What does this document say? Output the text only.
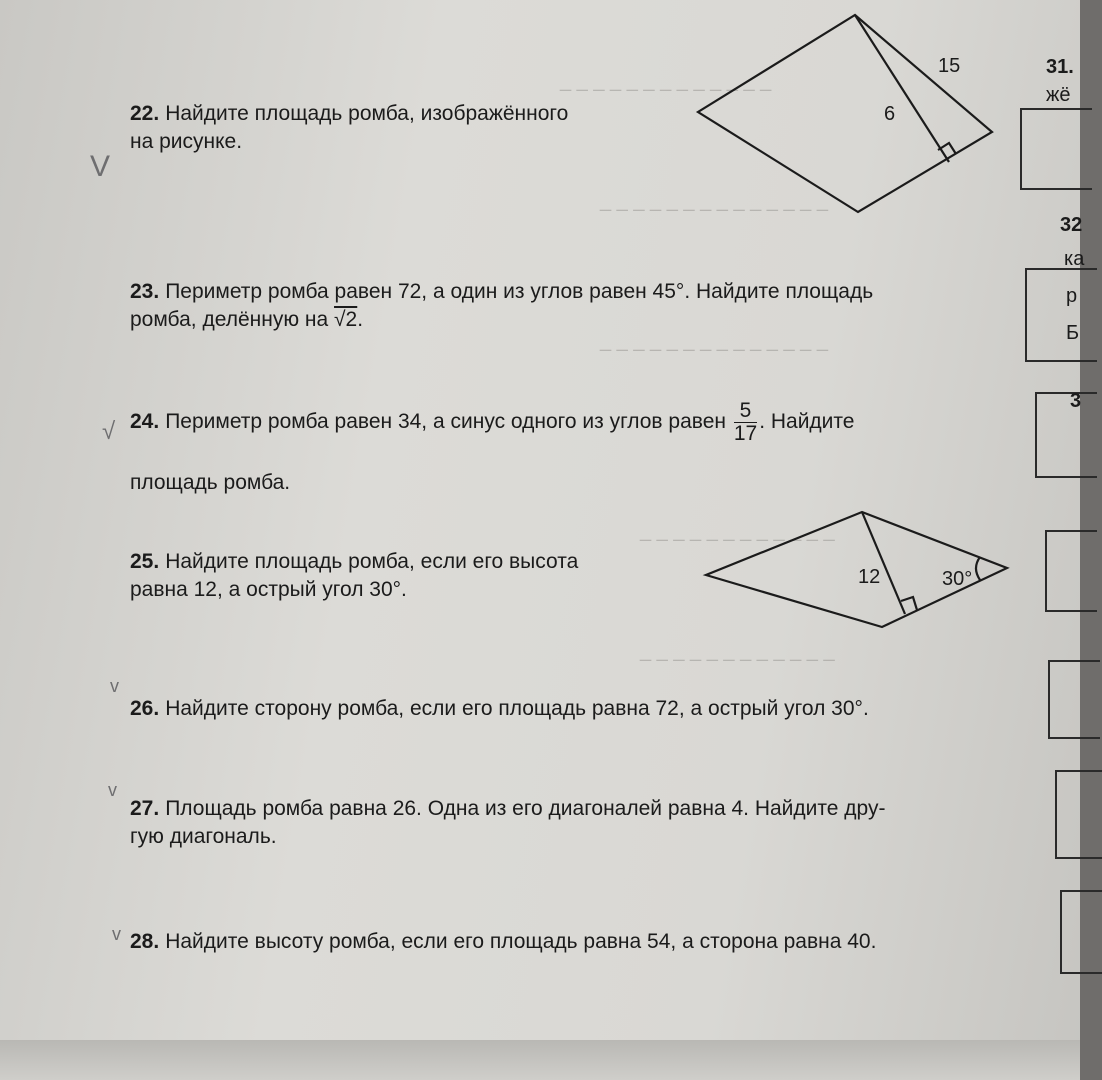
_ _ _ _ _ _ _ _ _ _ _ _ _
_ _ _ _ _ _ _ _ _ _ _ _ _ _
_ _ _ _ _ _ _ _ _ _ _ _ _ _
_ _ _ _ _ _ _ _ _ _ _ _
_ _ _ _ _ _ _ _ _ _ _ _
22. Найдите площадь ромба, изображённого
на рисунке.
23. Периметр ромба равен 72, а один из углов равен 45°. Найдите площадь
ромба, делённую на √2.
24. Периметр ромба равен 34, а синус одного из углов равен $\frac{5}{17}$ . Найдите
площадь ромба.
25. Найдите площадь ромба, если его высота
равна 12, а острый угол 30°.
26. Найдите сторону ромба, если его площадь равна 72, а острый угол 30°.
27. Площадь ромба равна 26. Одна из его диагоналей равна 4. Найдите дру-
гую диагональ.
28. Найдите высоту ромба, если его площадь равна 54, а сторона равна 40.
V
√
v
v
v
15
6
12	30°
31.
жё
32
ка
р
Б
3
